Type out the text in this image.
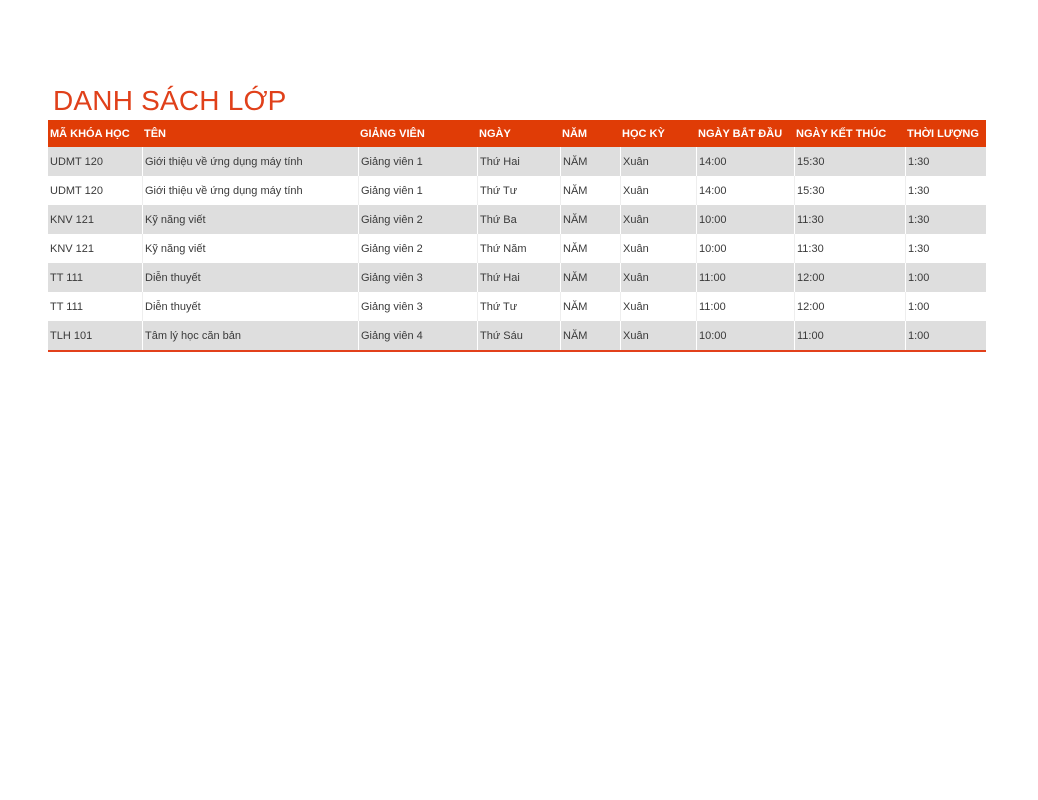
DANH SÁCH LỚP
MÃ KHÓA HỌC	TÊN	GIẢNG VIÊN	NGÀY	NĂM	HỌC KỲ	NGÀY BẮT ĐẦU	NGÀY KẾT THÚC	THỜI LƯỢNG
UDMT 120	Giới thiệu về ứng dụng máy tính	Giảng viên 1	Thứ Hai	NĂM	Xuân	14:00	15:30	1:30
UDMT 120	Giới thiệu về ứng dụng máy tính	Giảng viên 1	Thứ Tư	NĂM	Xuân	14:00	15:30	1:30
KNV 121	Kỹ năng viết	Giảng viên 2	Thứ Ba	NĂM	Xuân	10:00	11:30	1:30
KNV 121	Kỹ năng viết	Giảng viên 2	Thứ Năm	NĂM	Xuân	10:00	11:30	1:30
TT 111	Diễn thuyết	Giảng viên 3	Thứ Hai	NĂM	Xuân	11:00	12:00	1:00
TT 111	Diễn thuyết	Giảng viên 3	Thứ Tư	NĂM	Xuân	11:00	12:00	1:00
TLH 101	Tâm lý học căn bản	Giảng viên 4	Thứ Sáu	NĂM	Xuân	10:00	11:00	1:00
